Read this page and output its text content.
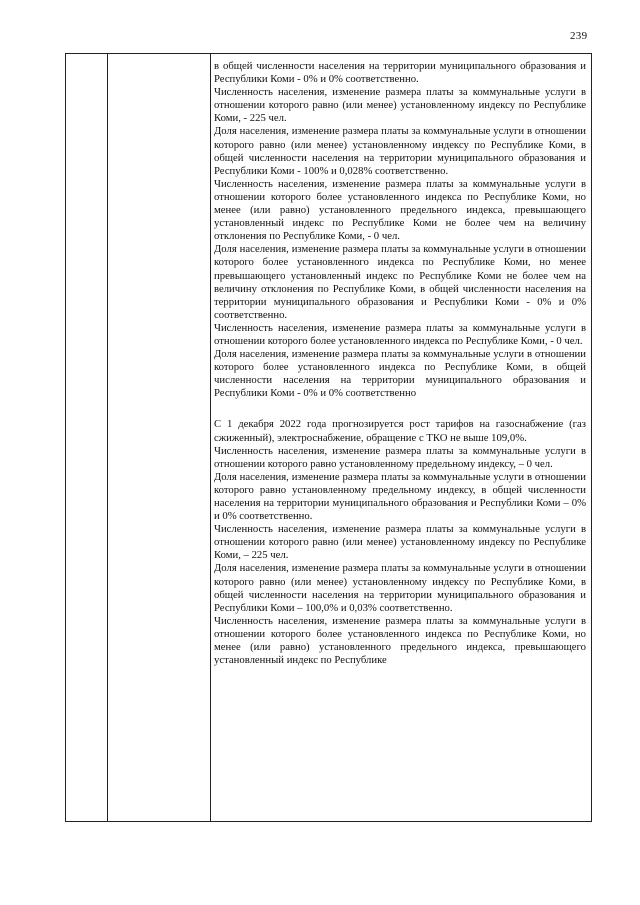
239

в общей численности населения на территории муниципального образования и Республики Коми - 0% и 0% соответственно.

Численность населения, изменение размера платы за коммунальные услуги в отношении которого равно (или менее) установленному индексу по Республике Коми, - 225 чел.

Доля населения, изменение размера платы за коммунальные услуги в отношении которого равно (или менее) установленному индексу по Республике Коми, в общей численности населения на территории муниципального образования и Республики Коми - 100% и 0,028% соответственно.

Численность населения, изменение размера платы за коммунальные услуги в отношении которого более установленного индекса по Республике Коми, но менее (или равно) установленного предельного индекса, превышающего установленный индекс по Республике Коми не более чем на величину отклонения по Республике Коми, - 0 чел.

Доля населения, изменение размера платы за коммунальные услуги в отношении которого более установленного индекса по Республике Коми, но менее превышающего установленный индекс по Республике Коми не более чем на величину отклонения по Республике Коми, в общей численности населения на территории муниципального образования и Республики Коми - 0% и 0% соответственно.

Численность населения, изменение размера платы за коммунальные услуги в отношении которого более установленного индекса по Республике Коми, - 0 чел.

Доля населения, изменение размера платы за коммунальные услуги в отношении которого более установленного индекса по Республике Коми, в общей численности населения на территории муниципального образования и Республики Коми - 0% и 0% соответственно

С 1 декабря 2022 года прогнозируется рост тарифов на газоснабжение (газ сжиженный), электроснабжение, обращение с ТКО не выше 109,0%.

Численность населения, изменение размера платы за коммунальные услуги в отношении которого равно установленному предельному индексу, – 0 чел.

Доля населения, изменение размера платы за коммунальные услуги в отношении которого равно установленному предельному индексу, в общей численности населения на территории муниципального образования и Республики Коми – 0% и 0% соответственно.

Численность населения, изменение размера платы за коммунальные услуги в отношении которого равно (или менее) установленному индексу по Республике Коми, – 225 чел.

Доля населения, изменение размера платы за коммунальные услуги в отношении которого равно (или менее) установленному индексу по Республике Коми, в общей численности населения на территории муниципального образования и Республики Коми – 100,0% и 0,03% соответственно.

Численность населения, изменение размера платы за коммунальные услуги в отношении которого более установленного индекса по Республике Коми, но менее (или равно) установленного предельного индекса, превышающего установленный индекс по Республике
